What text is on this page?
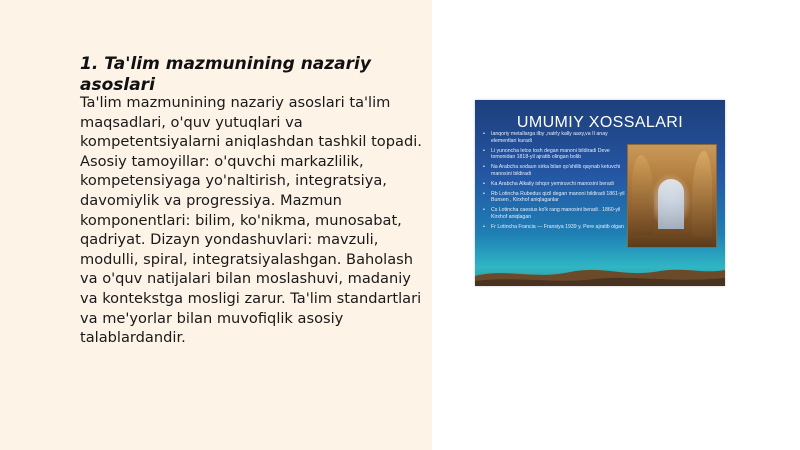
1. Ta'lim mazmunining nazariy asoslari

Ta'lim mazmunining nazariy asoslari ta'lim maqsadlari, o'quv yutuqlari va kompetentsiyalarni aniqlashdan tashkil topadi. Asosiy tamoyillar: o'quvchi markazlilik, kompetensiyaga yo'naltirish, integratsiya, davomiylik va progressiya. Mazmun komponentlari: bilim, ko'nikma, munosabat, qadriyat. Dizayn yondashuvlari: mavzuli, modulli, spiral, integratsiyalashgan. Baholash va o'quv natijalari bilan moslashuvi, madaniy va kontekstga mosligi zarur. Ta'lim standartlari va me'yorlar bilan muvofiqlik asosiy talablardandir.

UMUMIY XOSSALARI
• Ianqoriy metallarga ilby ,natrly kally aaxy,va II anay elementlari kuradi
• Li yunoncha letos tosh degan manoni bildiradi Deve tomonidan 1818-yil ajratib olingan bolib
• Na Arabcha sodaun sirka bilan qo'shilib qaynab ketuvchi manosini bildiradi
• Ka Arabcha Alkaliy ishqor yemiruvchi manosini beradi
• Rb Lotincha Rubedus qizil degan manoni bildiradi 1861-yil Bunsen , Kirxhof aniqlaganlar
• Cs Lotincha caesius ko'k rang manosini beradi . 1860-yil Kirxhof aniqlagan
• Fr Lotincha Francia — Fransiya 1939 y. Pere ajratib olgan
